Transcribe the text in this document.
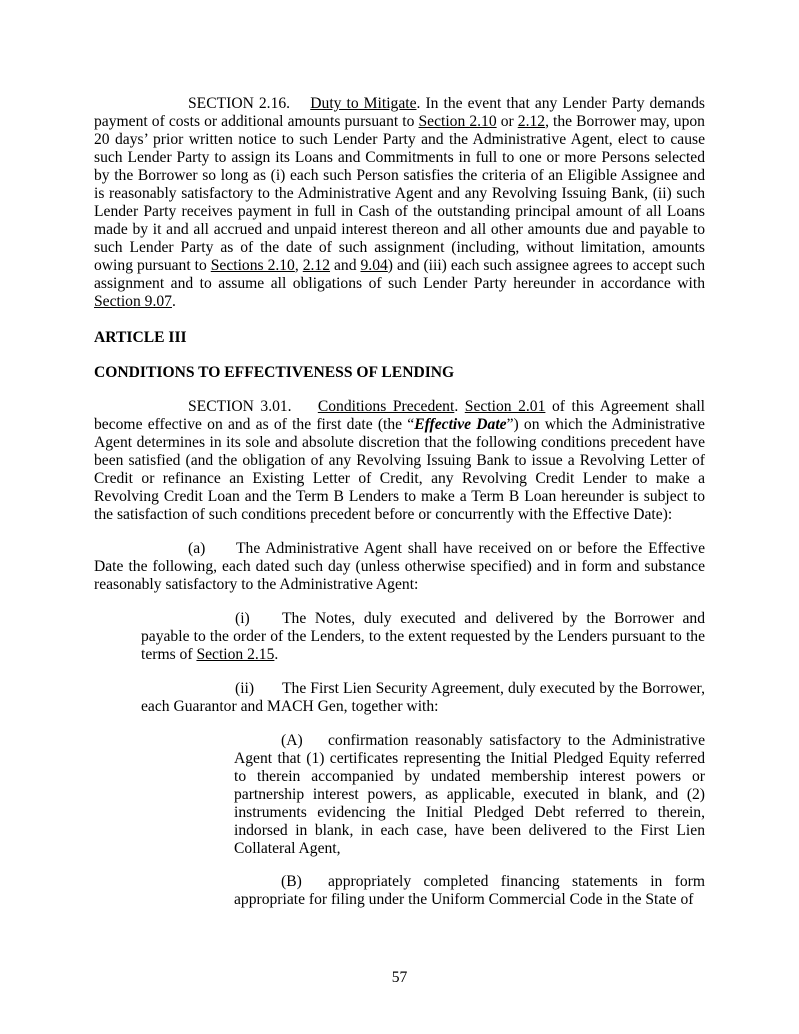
SECTION 2.16. Duty to Mitigate. In the event that any Lender Party demands payment of costs or additional amounts pursuant to Section 2.10 or 2.12, the Borrower may, upon 20 days’ prior written notice to such Lender Party and the Administrative Agent, elect to cause such Lender Party to assign its Loans and Commitments in full to one or more Persons selected by the Borrower so long as (i) each such Person satisfies the criteria of an Eligible Assignee and is reasonably satisfactory to the Administrative Agent and any Revolving Issuing Bank, (ii) such Lender Party receives payment in full in Cash of the outstanding principal amount of all Loans made by it and all accrued and unpaid interest thereon and all other amounts due and payable to such Lender Party as of the date of such assignment (including, without limitation, amounts owing pursuant to Sections 2.10, 2.12 and 9.04) and (iii) each such assignee agrees to accept such assignment and to assume all obligations of such Lender Party hereunder in accordance with Section 9.07.

ARTICLE III

CONDITIONS TO EFFECTIVENESS OF LENDING

SECTION 3.01. Conditions Precedent. Section 2.01 of this Agreement shall become effective on and as of the first date (the “Effective Date”) on which the Administrative Agent determines in its sole and absolute discretion that the following conditions precedent have been satisfied (and the obligation of any Revolving Issuing Bank to issue a Revolving Letter of Credit or refinance an Existing Letter of Credit, any Revolving Credit Lender to make a Revolving Credit Loan and the Term B Lenders to make a Term B Loan hereunder is subject to the satisfaction of such conditions precedent before or concurrently with the Effective Date):

(a) The Administrative Agent shall have received on or before the Effective Date the following, each dated such day (unless otherwise specified) and in form and substance reasonably satisfactory to the Administrative Agent:

(i) The Notes, duly executed and delivered by the Borrower and payable to the order of the Lenders, to the extent requested by the Lenders pursuant to the terms of Section 2.15.

(ii) The First Lien Security Agreement, duly executed by the Borrower, each Guarantor and MACH Gen, together with:

(A) confirmation reasonably satisfactory to the Administrative Agent that (1) certificates representing the Initial Pledged Equity referred to therein accompanied by undated membership interest powers or partnership interest powers, as applicable, executed in blank, and (2) instruments evidencing the Initial Pledged Debt referred to therein, indorsed in blank, in each case, have been delivered to the First Lien Collateral Agent,

(B) appropriately completed financing statements in form appropriate for filing under the Uniform Commercial Code in the State of

57
